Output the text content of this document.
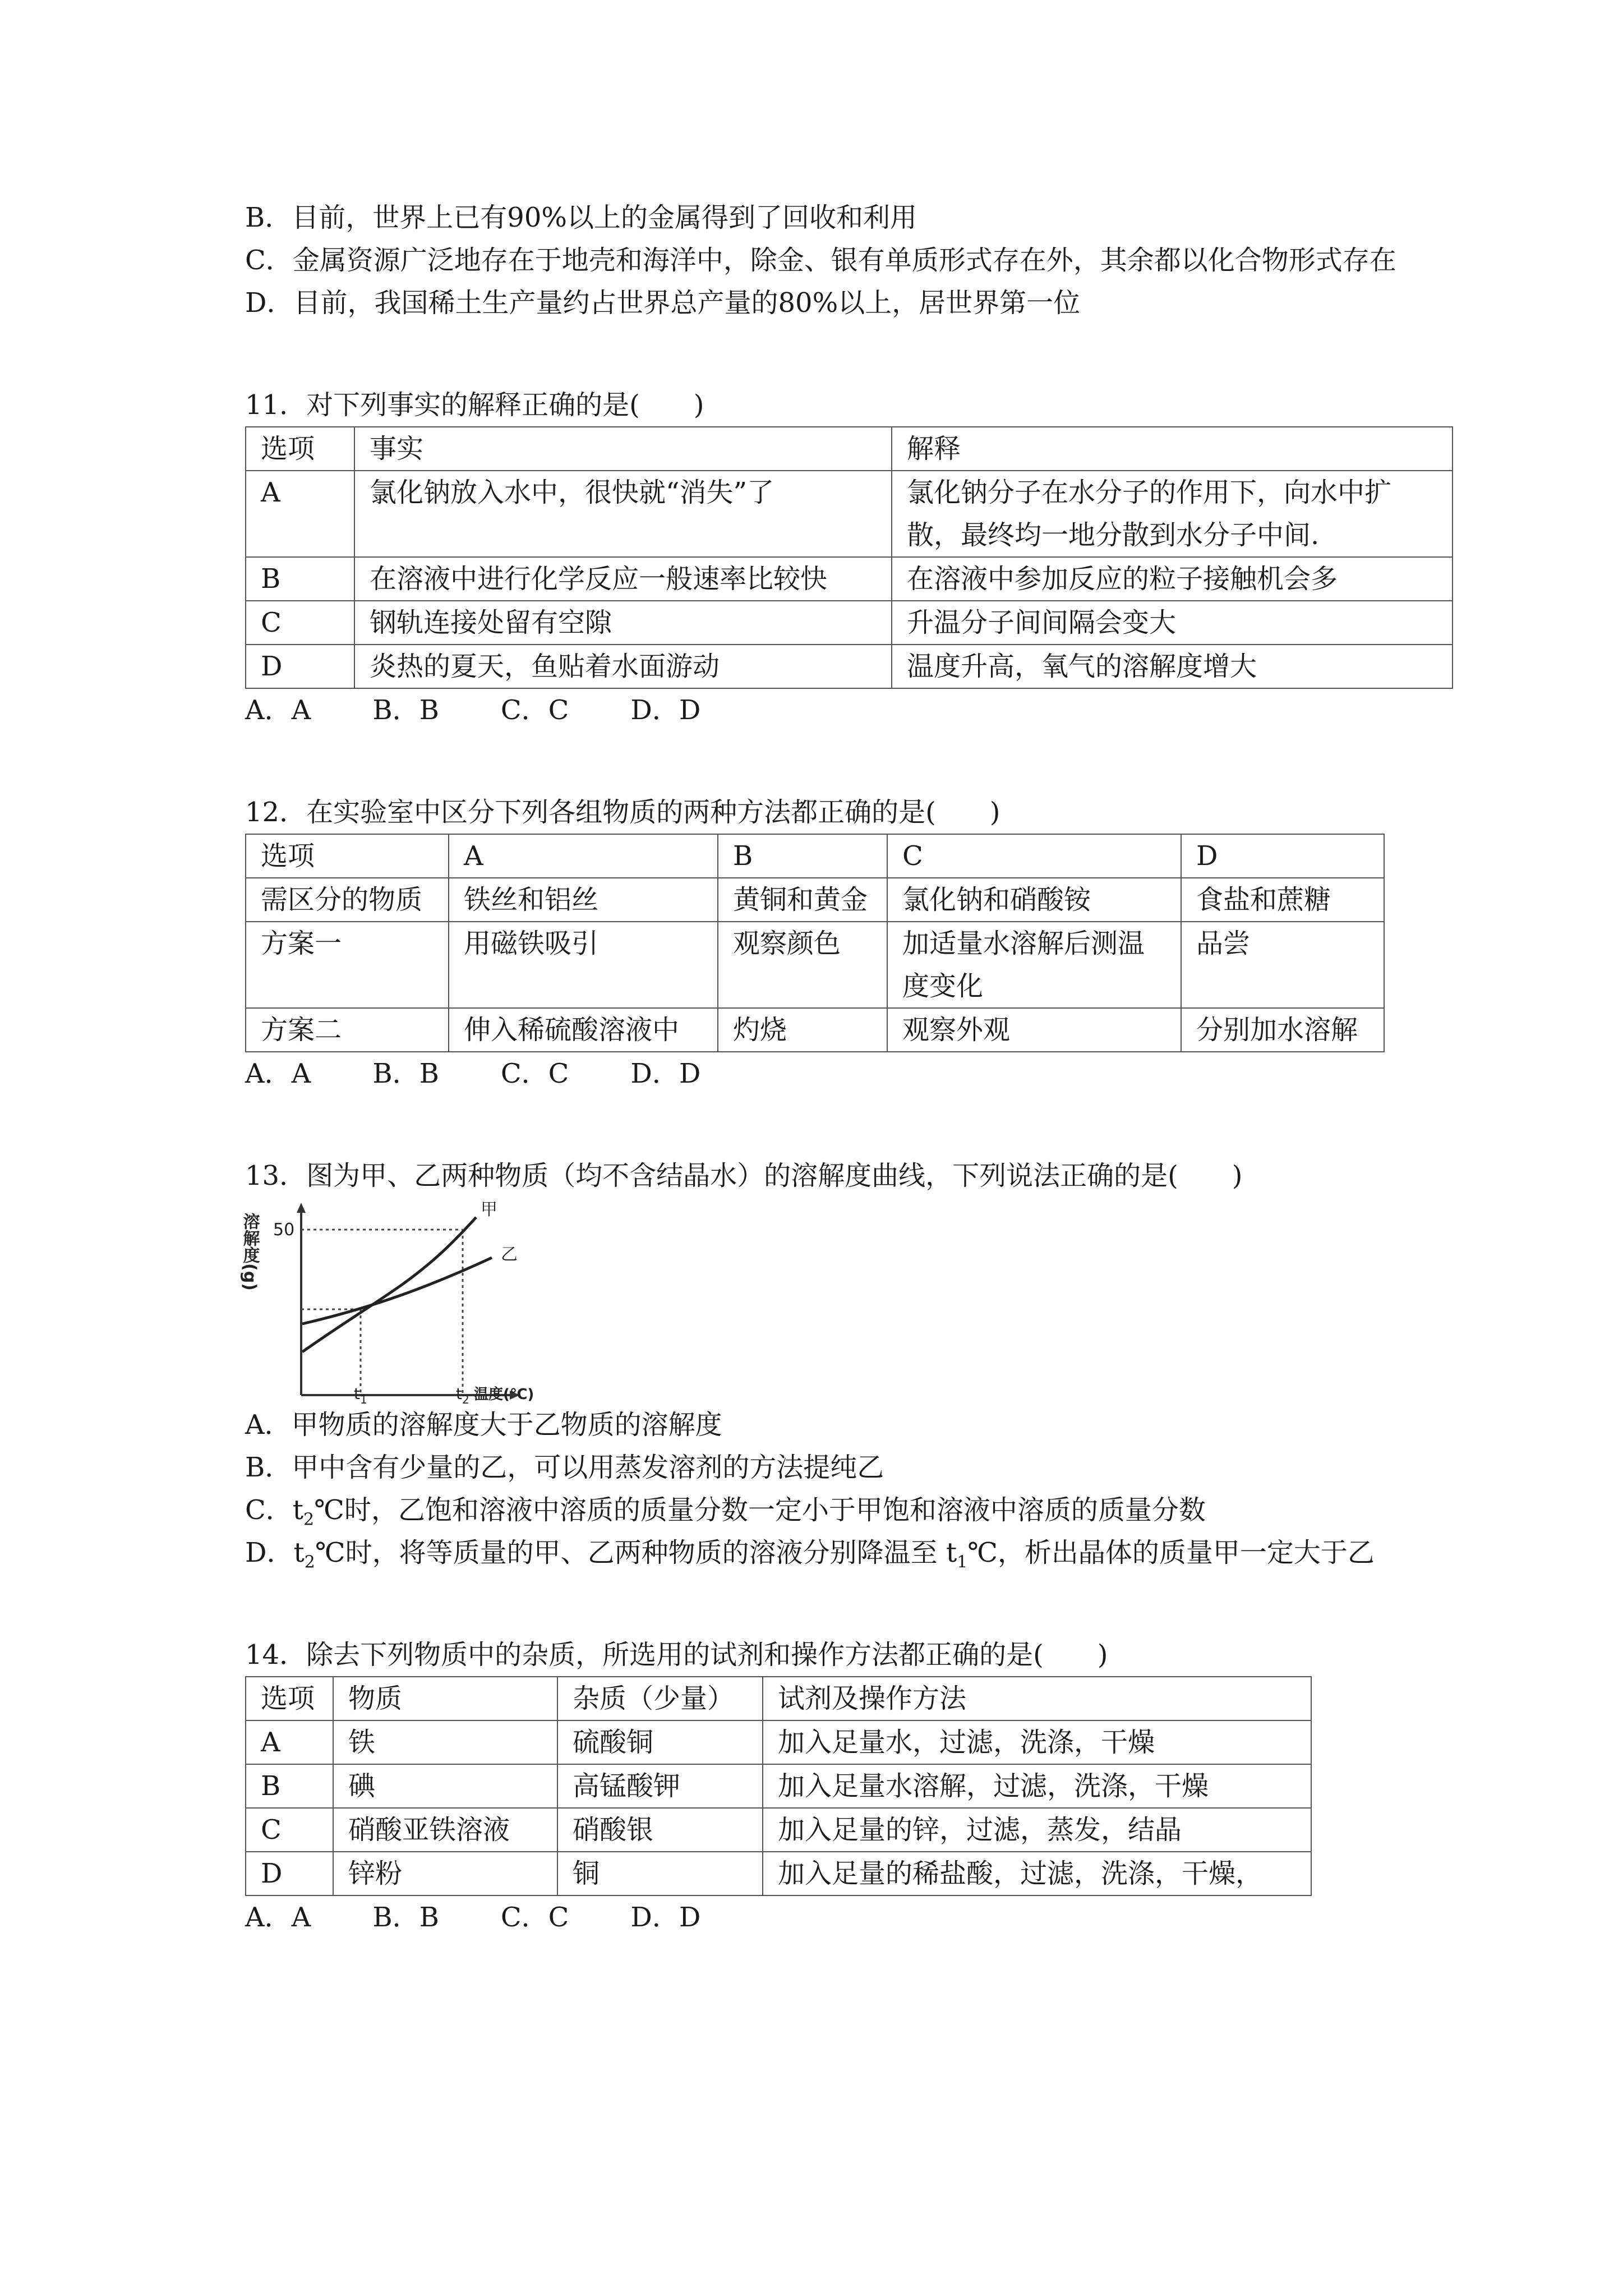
B．目前，世界上已有90%以上的金属得到了回收和利用

C．金属资源广泛地存在于地壳和海洋中，除金、银有单质形式存在外，其余都以化合物形式存在

D．目前，我国稀土生产量约占世界总产量的80%以上，居世界第一位

11．对下列事实的解释正确的是(　　)

选项	事实	解释
A	氯化钠放入水中，很快就“消失”了	氯化钠分子在水分子的作用下，向水中扩散，最终均一地分散到水分子中间.
B	在溶液中进行化学反应一般速率比较快	在溶液中参加反应的粒子接触机会多
C	钢轨连接处留有空隙	升温分子间间隔会变大
D	炎热的夏天，鱼贴着水面游动	温度升高，氧气的溶解度增大

A．A B．B C．C D．D

12．在实验室中区分下列各组物质的两种方法都正确的是(　　)

选项	A	B	C	D
需区分的物质	铁丝和铝丝	黄铜和黄金	氯化钠和硝酸铵	食盐和蔗糖
方案一	用磁铁吸引	观察颜色	加适量水溶解后测温度变化	品尝
方案二	伸入稀硫酸溶液中	灼烧	观察外观	分别加水溶解

A．A B．B C．C D．D

13．图为甲、乙两种物质（均不含结晶水）的溶解度曲线，下列说法正确的是(　　)

溶解度(g) 50
甲
乙
$t_1$	$t_2$ 温度(℃)

A．甲物质的溶解度大于乙物质的溶解度

B．甲中含有少量的乙，可以用蒸发溶剂的方法提纯乙

C．$t_2℃$时，乙饱和溶液中溶质的质量分数一定小于甲饱和溶液中溶质的质量分数

D．$t_2℃$时，将等质量的甲、乙两种物质的溶液分别降温至 $t_1℃$，析出晶体的质量甲一定大于乙

14．除去下列物质中的杂质，所选用的试剂和操作方法都正确的是(　　)

选项	物质	杂质（少量）	试剂及操作方法
A	铁	硫酸铜	加入足量水，过滤，洗涤，干燥
B	碘	高锰酸钾	加入足量水溶解，过滤，洗涤，干燥
C	硝酸亚铁溶液	硝酸银	加入足量的锌，过滤，蒸发，结晶
D	锌粉	铜	加入足量的稀盐酸，过滤，洗涤，干燥，

A．A B．B C．C D．D
